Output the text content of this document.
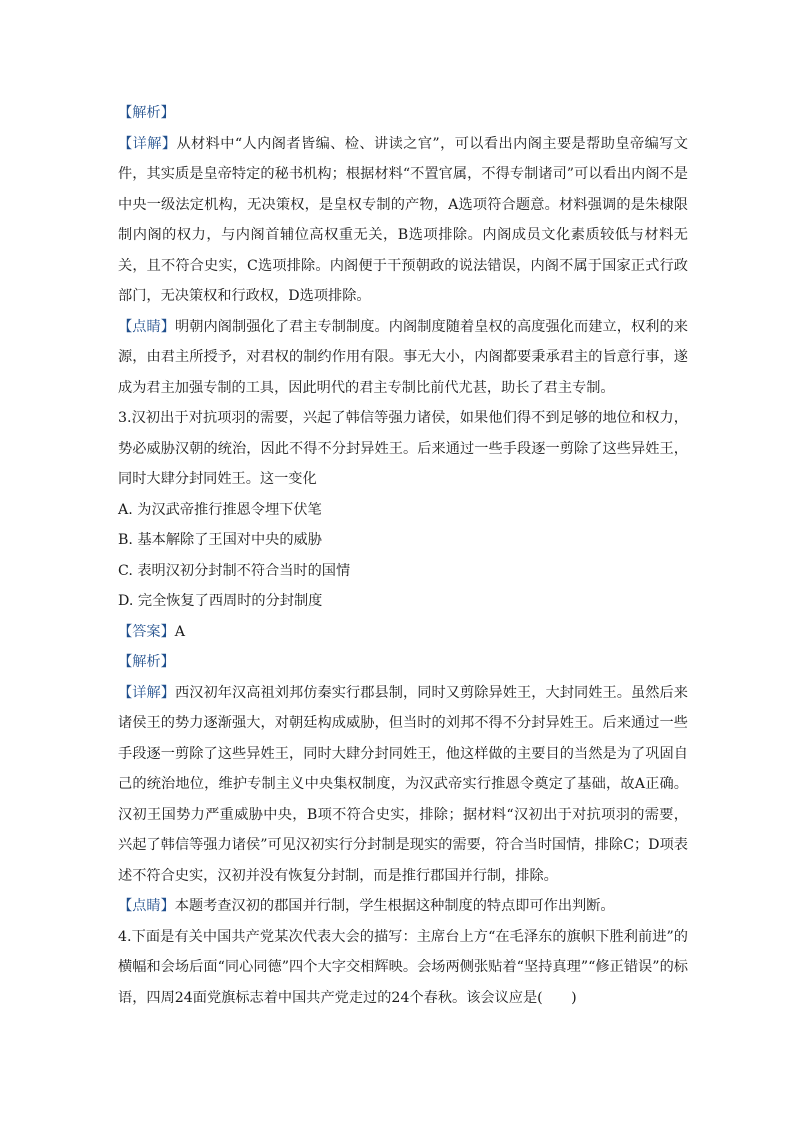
【解析】

【详解】从材料中“人内阁者皆编、检、讲读之官”，可以看出内阁主要是帮助皇帝编写文件，其实质是皇帝特定的秘书机构；根据材料“不置官属，不得专制诸司”可以看出内阁不是中央一级法定机构，无决策权，是皇权专制的产物，A选项符合题意。材料强调的是朱棣限制内阁的权力，与内阁首辅位高权重无关，B选项排除。内阁成员文化素质较低与材料无关，且不符合史实，C选项排除。内阁便于干预朝政的说法错误，内阁不属于国家正式行政部门，无决策权和行政权，D选项排除。

【点睛】明朝内阁制强化了君主专制制度。内阁制度随着皇权的高度强化而建立，权利的来源，由君主所授予，对君权的制约作用有限。事无大小，内阁都要秉承君主的旨意行事，遂成为君主加强专制的工具，因此明代的君主专制比前代尤甚，助长了君主专制。

3.汉初出于对抗项羽的需要，兴起了韩信等强力诸侯，如果他们得不到足够的地位和权力，势必威胁汉朝的统治，因此不得不分封异姓王。后来通过一些手段逐一剪除了这些异姓王，同时大肆分封同姓王。这一变化

A. 为汉武帝推行推恩令埋下伏笔

B. 基本解除了王国对中央的威胁

C. 表明汉初分封制不符合当时的国情

D. 完全恢复了西周时的分封制度

【答案】A

【解析】

【详解】西汉初年汉高祖刘邦仿秦实行郡县制，同时又剪除异姓王，大封同姓王。虽然后来诸侯王的势力逐渐强大，对朝廷构成威胁，但当时的刘邦不得不分封异姓王。后来通过一些手段逐一剪除了这些异姓王，同时大肆分封同姓王，他这样做的主要目的当然是为了巩固自己的统治地位，维护专制主义中央集权制度，为汉武帝实行推恩令奠定了基础，故A正确。汉初王国势力严重威胁中央，B项不符合史实，排除；据材料“汉初出于对抗项羽的需要，兴起了韩信等强力诸侯”可见汉初实行分封制是现实的需要，符合当时国情，排除C；D项表述不符合史实，汉初并没有恢复分封制，而是推行郡国并行制，排除。

【点睛】本题考查汉初的郡国并行制，学生根据这种制度的特点即可作出判断。

4.下面是有关中国共产党某次代表大会的描写：主席台上方“在毛泽东的旗帜下胜利前进”的横幅和会场后面“同心同德”四个大字交相辉映。会场两侧张贴着“坚持真理”“修正错误”的标语，四周24面党旗标志着中国共产党走过的24个春秋。该会议应是(　　)
